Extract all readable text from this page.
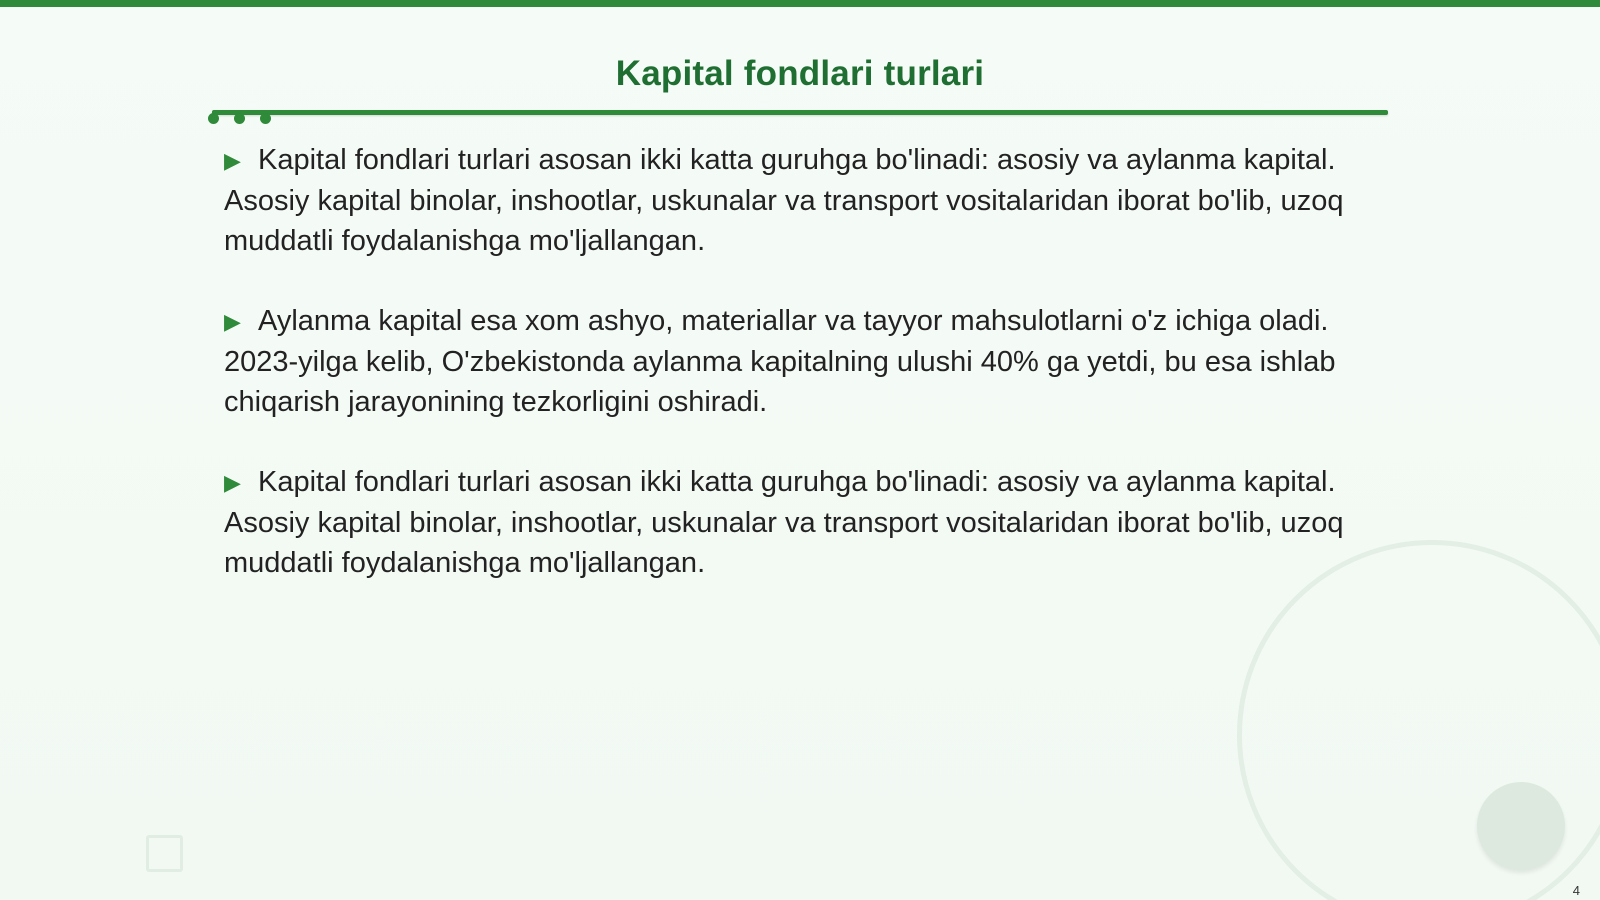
Kapital fondlari turlari

▶ Kapital fondlari turlari asosan ikki katta guruhga bo'linadi: asosiy va aylanma kapital. Asosiy kapital binolar, inshootlar, uskunalar va transport vositalaridan iborat bo'lib, uzoq muddatli foydalanishga mo'ljallangan.

▶ Aylanma kapital esa xom ashyo, materiallar va tayyor mahsulotlarni o'z ichiga oladi. 2023-yilga kelib, O'zbekistonda aylanma kapitalning ulushi 40% ga yetdi, bu esa ishlab chiqarish jarayonining tezkorligini oshiradi.

▶ Kapital fondlari turlari asosan ikki katta guruhga bo'linadi: asosiy va aylanma kapital. Asosiy kapital binolar, inshootlar, uskunalar va transport vositalaridan iborat bo'lib, uzoq muddatli foydalanishga mo'ljallangan.

4
